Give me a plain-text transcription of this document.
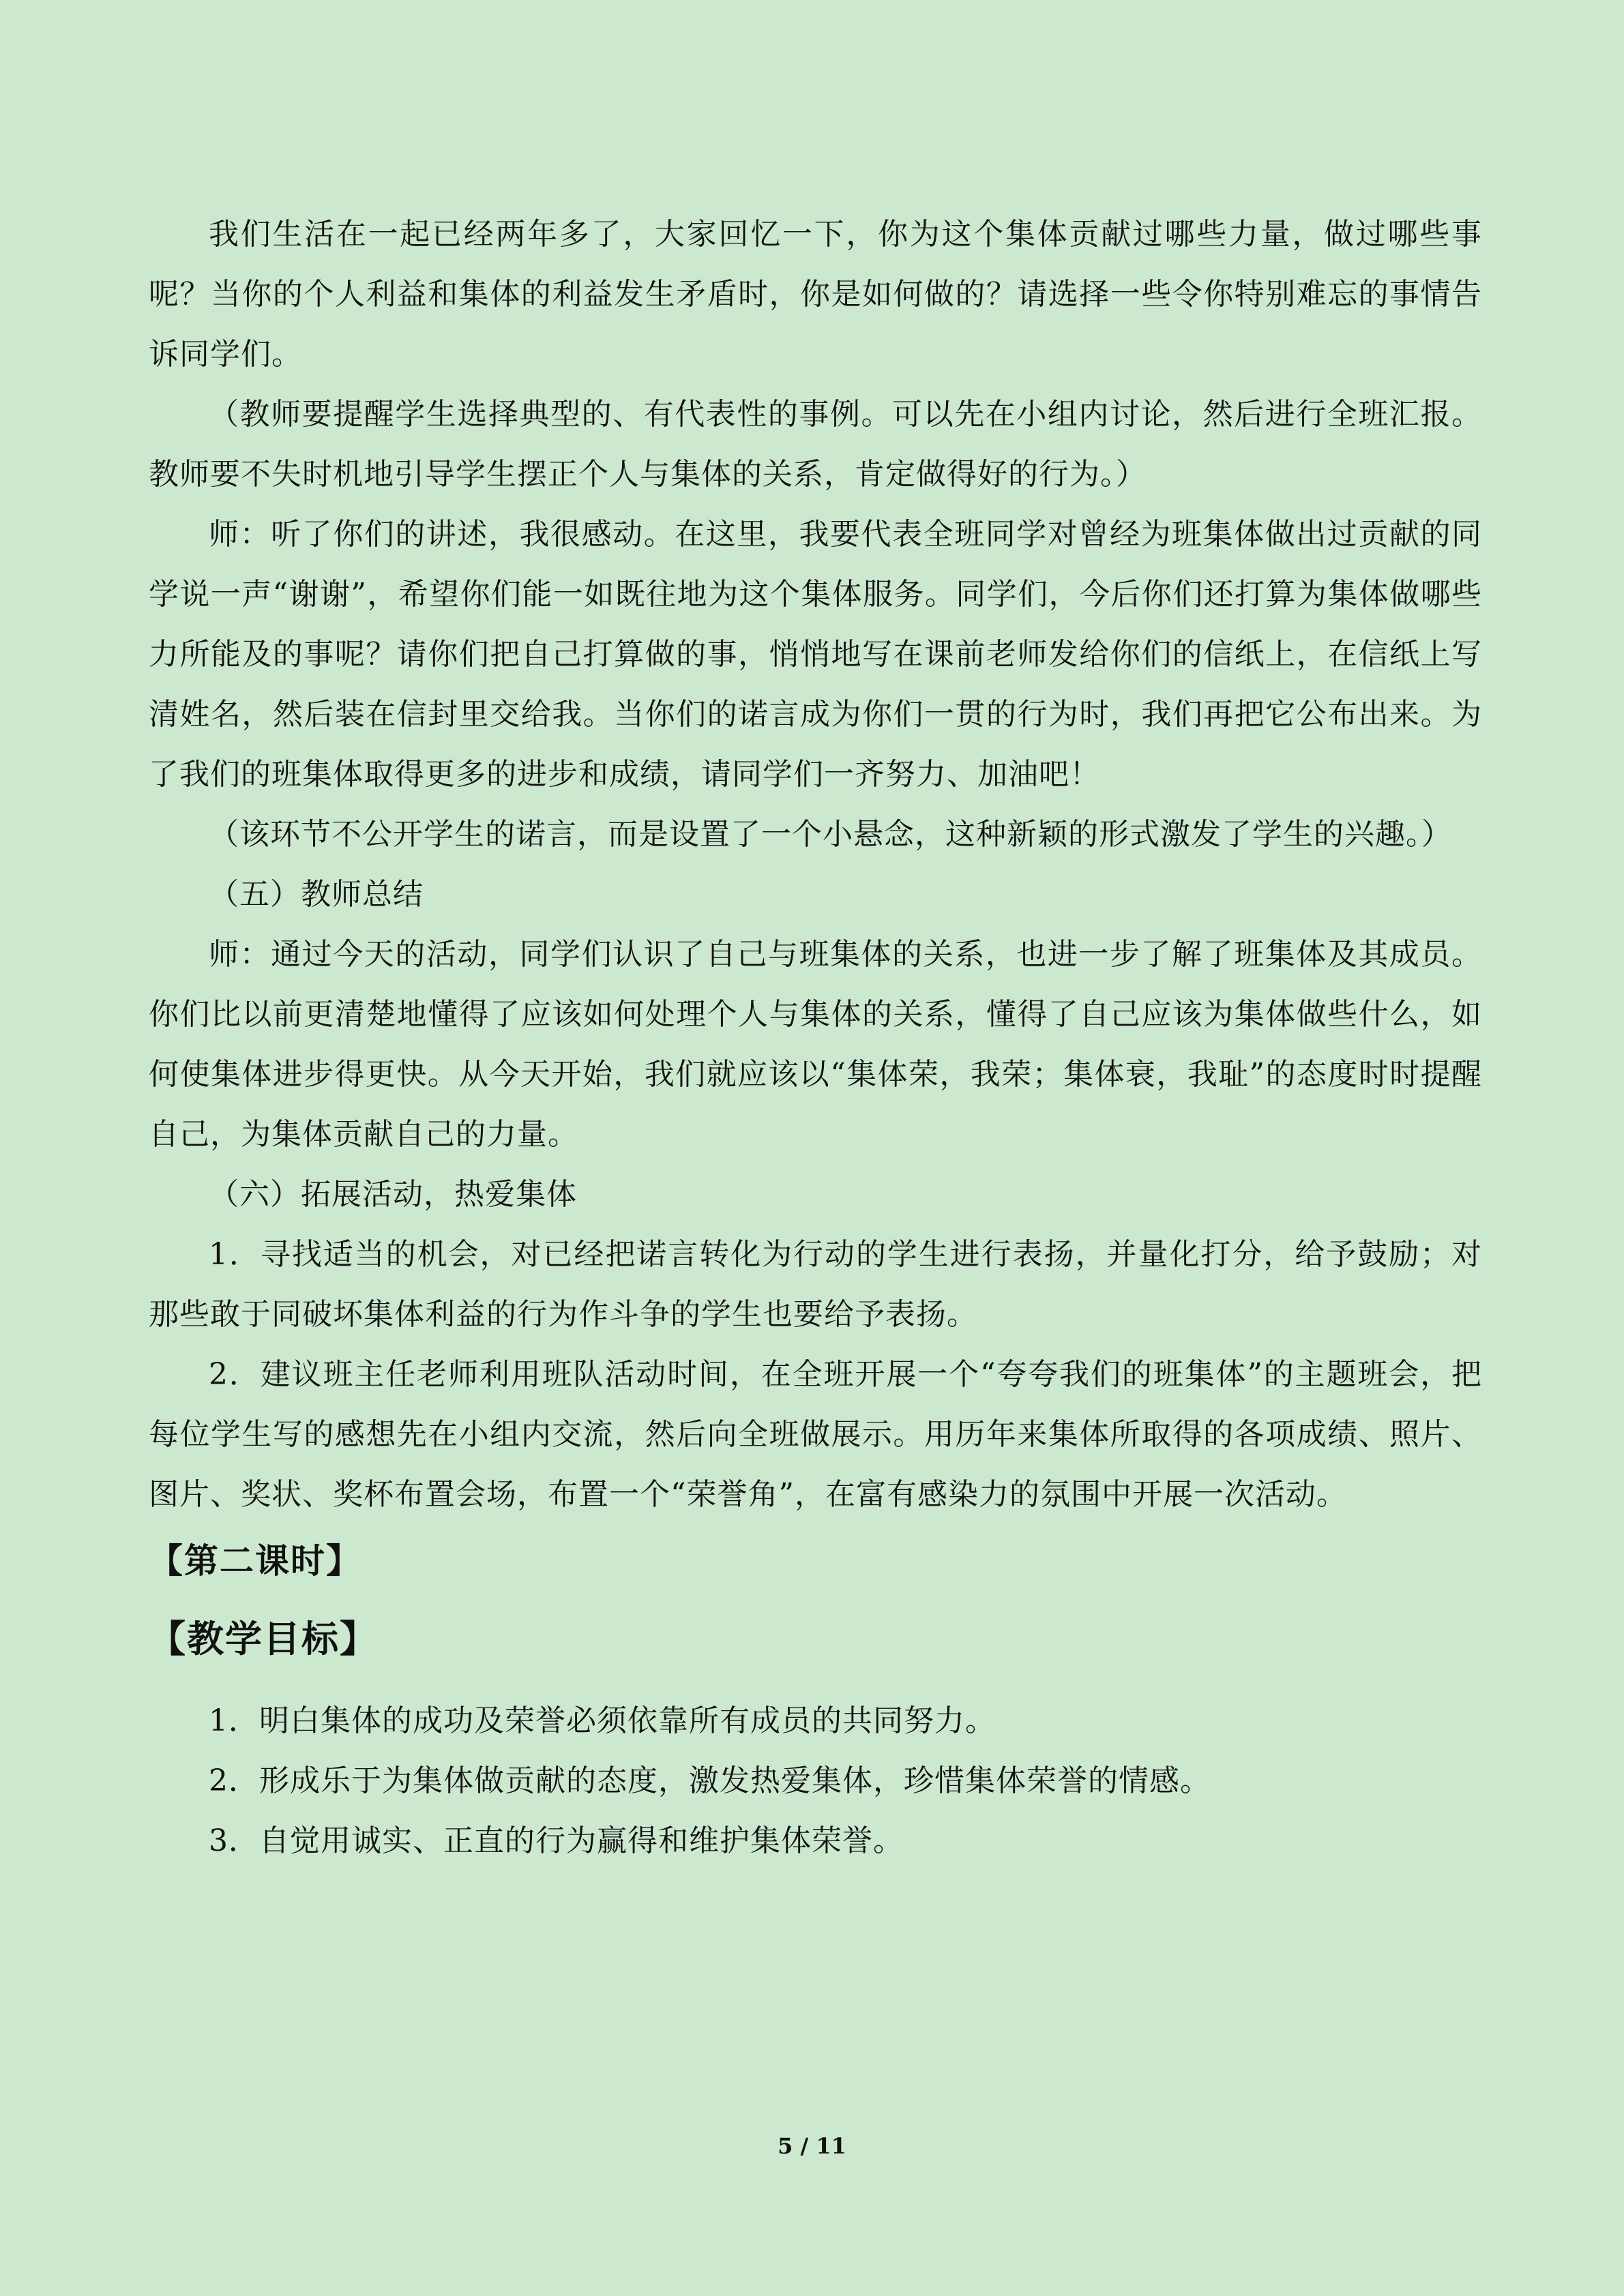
我们生活在一起已经两年多了，大家回忆一下，你为这个集体贡献过哪些力量，做过哪些事呢？当你的个人利益和集体的利益发生矛盾时，你是如何做的？请选择一些令你特别难忘的事情告诉同学们。

（教师要提醒学生选择典型的、有代表性的事例。可以先在小组内讨论，然后进行全班汇报。教师要不失时机地引导学生摆正个人与集体的关系，肯定做得好的行为。）

师：听了你们的讲述，我很感动。在这里，我要代表全班同学对曾经为班集体做出过贡献的同学说一声“谢谢”，希望你们能一如既往地为这个集体服务。同学们，今后你们还打算为集体做哪些力所能及的事呢？请你们把自己打算做的事，悄悄地写在课前老师发给你们的信纸上，在信纸上写清姓名，然后装在信封里交给我。当你们的诺言成为你们一贯的行为时，我们再把它公布出来。为了我们的班集体取得更多的进步和成绩，请同学们一齐努力、加油吧！

（该环节不公开学生的诺言，而是设置了一个小悬念，这种新颖的形式激发了学生的兴趣。）

（五）教师总结

师：通过今天的活动，同学们认识了自己与班集体的关系，也进一步了解了班集体及其成员。你们比以前更清楚地懂得了应该如何处理个人与集体的关系，懂得了自己应该为集体做些什么，如何使集体进步得更快。从今天开始，我们就应该以“集体荣，我荣；集体衰，我耻”的态度时时提醒自己，为集体贡献自己的力量。

（六）拓展活动，热爱集体

1．寻找适当的机会，对已经把诺言转化为行动的学生进行表扬，并量化打分，给予鼓励；对那些敢于同破坏集体利益的行为作斗争的学生也要给予表扬。

2．建议班主任老师利用班队活动时间，在全班开展一个“夸夸我们的班集体”的主题班会，把每位学生写的感想先在小组内交流，然后向全班做展示。用历年来集体所取得的各项成绩、照片、图片、奖状、奖杯布置会场，布置一个“荣誉角”，在富有感染力的氛围中开展一次活动。

【第二课时】
【教学目标】

1．明白集体的成功及荣誉必须依靠所有成员的共同努力。

2．形成乐于为集体做贡献的态度，激发热爱集体，珍惜集体荣誉的情感。

3．自觉用诚实、正直的行为赢得和维护集体荣誉。

5 / 11
